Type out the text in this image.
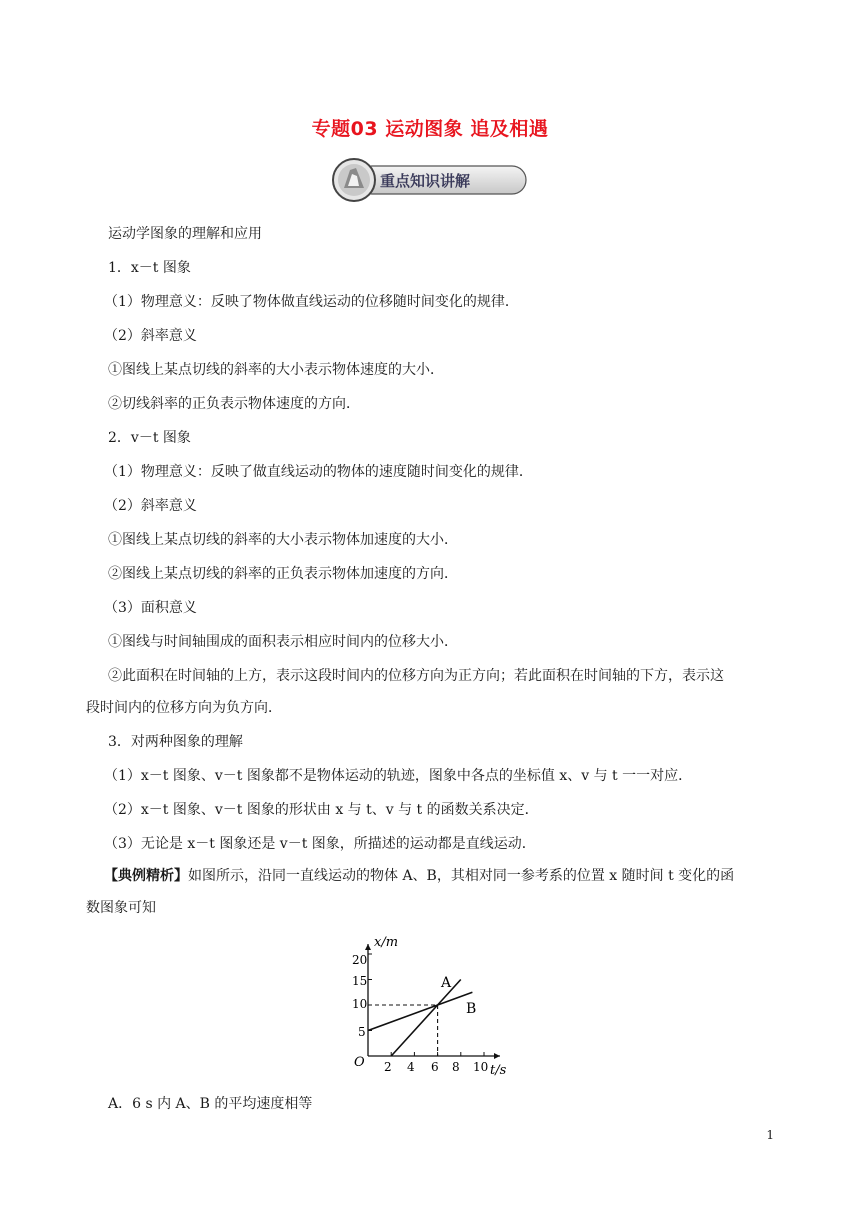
专题03 运动图象 追及相遇
重点知识讲解
运动学图象的理解和应用
1．x－t 图象
（1）物理意义：反映了物体做直线运动的位移随时间变化的规律．
（2）斜率意义
①图线上某点切线的斜率的大小表示物体速度的大小．
②切线斜率的正负表示物体速度的方向．
2．v－t 图象
（1）物理意义：反映了做直线运动的物体的速度随时间变化的规律．
（2）斜率意义
①图线上某点切线的斜率的大小表示物体加速度的大小．
②图线上某点切线的斜率的正负表示物体加速度的方向．
（3）面积意义
①图线与时间轴围成的面积表示相应时间内的位移大小．
②此面积在时间轴的上方，表示这段时间内的位移方向为正方向；若此面积在时间轴的下方，表示这
段时间内的位移方向为负方向．
3．对两种图象的理解
（1）x－t 图象、v－t 图象都不是物体运动的轨迹，图象中各点的坐标值 x、v 与 t 一一对应．
（2）x－t 图象、v－t 图象的形状由 x 与 t、v 与 t 的函数关系决定．
（3）无论是 x－t 图象还是 v－t 图象，所描述的运动都是直线运动．
【典例精析】如图所示，沿同一直线运动的物体 A、B，其相对同一参考系的位置 x 随时间 t 变化的函
数图象可知
x/m
t/s
O 2 4 6 8 10
5
10
15
20
A
B
A．6 s 内 A、B 的平均速度相等
1
